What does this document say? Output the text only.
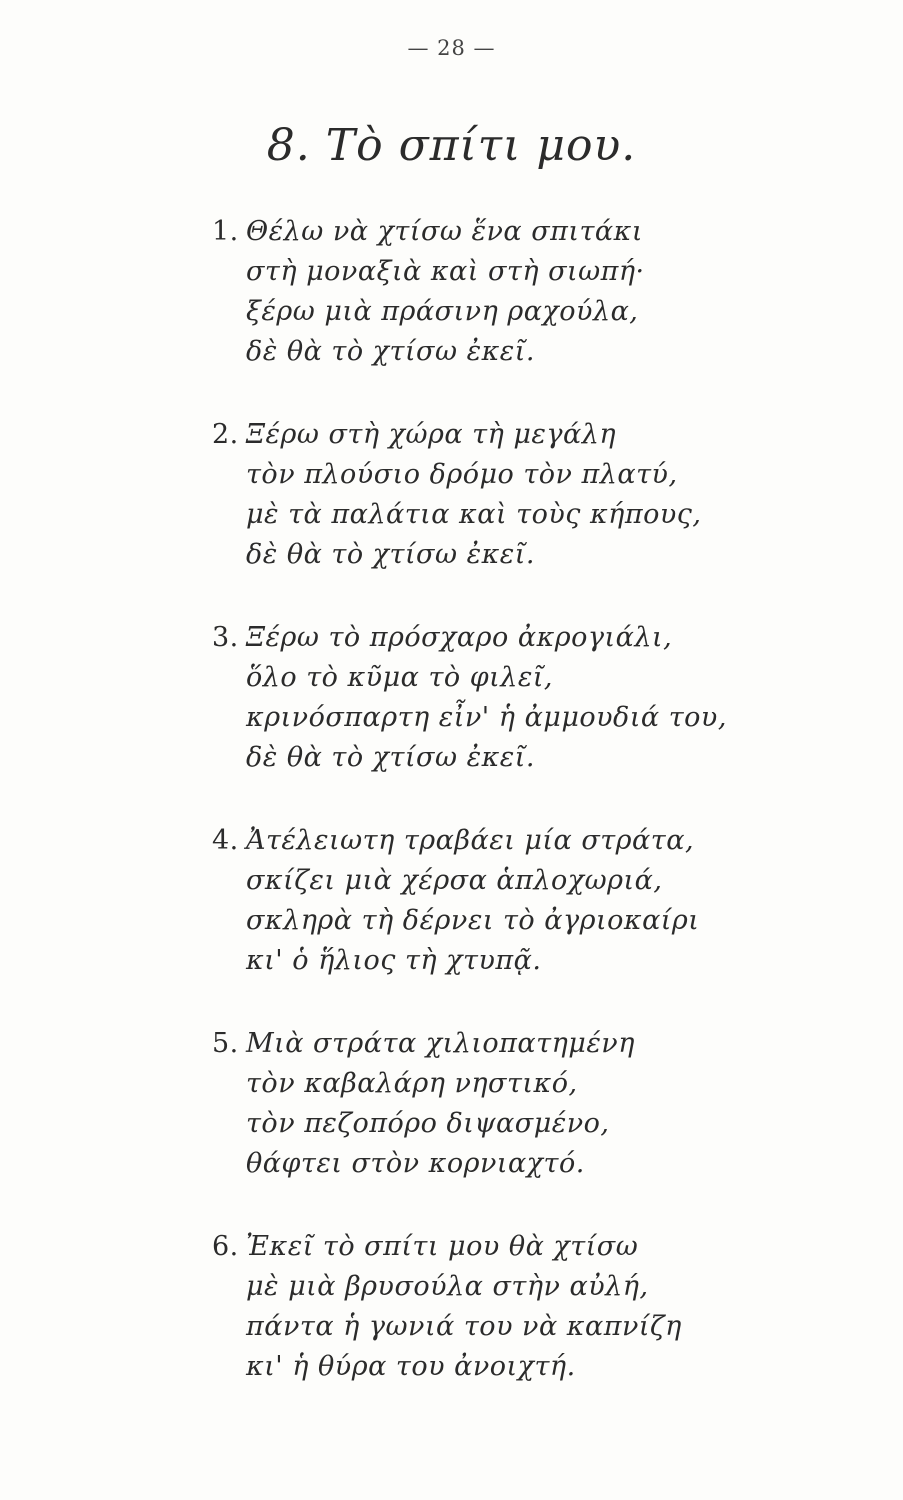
— 28 —
8. Τὸ σπίτι μου.
1. Θέλω νὰ χτίσω ἕνα σπιτάκι
στὴ μοναξιὰ καὶ στὴ σιωπή·
ξέρω μιὰ πράσινη ραχούλα,
δὲ θὰ τὸ χτίσω ἐκεῖ.
2. Ξέρω στὴ χώρα τὴ μεγάλη
τὸν πλούσιο δρόμο τὸν πλατύ,
μὲ τὰ παλάτια καὶ τοὺς κήπους,
δὲ θὰ τὸ χτίσω ἐκεῖ.
3. Ξέρω τὸ πρόσχαρο ἀκρογιάλι,
ὅλο τὸ κῦμα τὸ φιλεῖ,
κρινόσπαρτη εἶν' ἡ ἀμμουδιά του,
δὲ θὰ τὸ χτίσω ἐκεῖ.
4. Ἀτέλειωτη τραβάει μία στράτα,
σκίζει μιὰ χέρσα ἁπλοχωριά,
σκληρὰ τὴ δέρνει τὸ ἀγριοκαίρι
κι' ὁ ἥλιος τὴ χτυπᾷ.
5. Μιὰ στράτα χιλιοπατημένη
τὸν καβαλάρη νηστικό,
τὸν πεζοπόρο διψασμένο,
θάφτει στὸν κορνιαχτό.
6. Ἐκεῖ τὸ σπίτι μου θὰ χτίσω
μὲ μιὰ βρυσούλα στὴν αὐλή,
πάντα ἡ γωνιά του νὰ καπνίζη
κι' ἡ θύρα του ἀνοιχτή.
